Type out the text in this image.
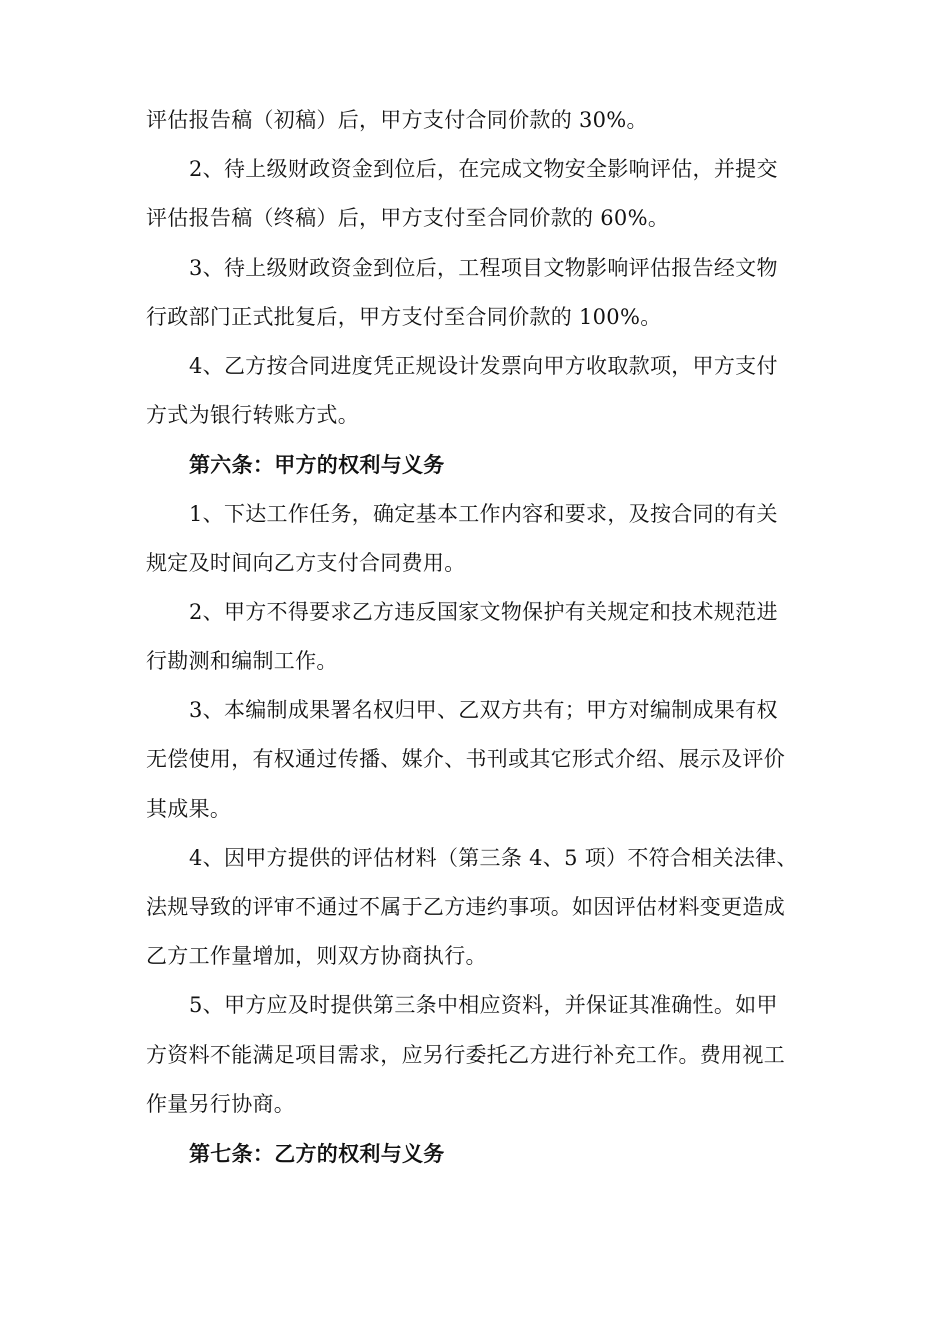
评估报告稿（初稿）后，甲方支付合同价款的 30%。
2、待上级财政资金到位后，在完成文物安全影响评估，并提交
评估报告稿（终稿）后，甲方支付至合同价款的 60%。
3、待上级财政资金到位后，工程项目文物影响评估报告经文物
行政部门正式批复后，甲方支付至合同价款的 100%。
4、乙方按合同进度凭正规设计发票向甲方收取款项，甲方支付
方式为银行转账方式。
第六条：甲方的权利与义务
1、下达工作任务，确定基本工作内容和要求，及按合同的有关
规定及时间向乙方支付合同费用。
2、甲方不得要求乙方违反国家文物保护有关规定和技术规范进
行勘测和编制工作。
3、本编制成果署名权归甲、乙双方共有；甲方对编制成果有权
无偿使用，有权通过传播、媒介、书刊或其它形式介绍、展示及评价
其成果。
4、因甲方提供的评估材料（第三条 4、5 项）不符合相关法律、
法规导致的评审不通过不属于乙方违约事项。如因评估材料变更造成
乙方工作量增加，则双方协商执行。
5、甲方应及时提供第三条中相应资料，并保证其准确性。如甲
方资料不能满足项目需求，应另行委托乙方进行补充工作。费用视工
作量另行协商。
第七条：乙方的权利与义务
